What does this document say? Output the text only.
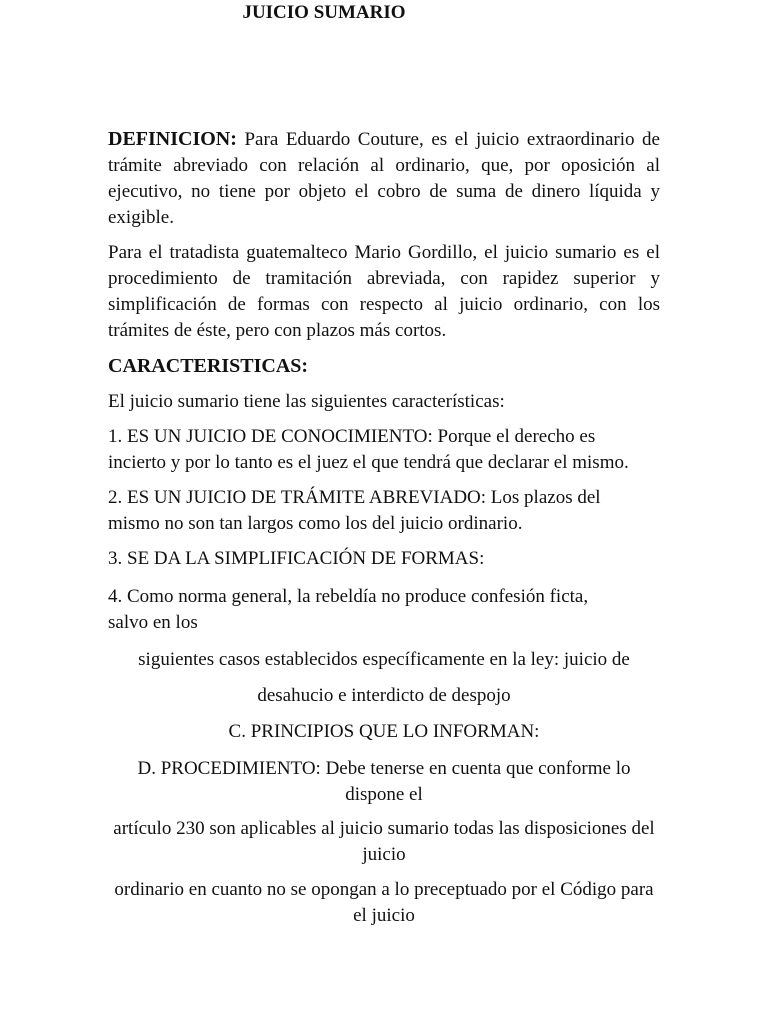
JUICIO SUMARIO

DEFINICION: Para Eduardo Couture, es el juicio extraordinario de trámite abreviado con relación al ordinario, que, por oposición al ejecutivo, no tiene por objeto el cobro de suma de dinero líquida y exigible.

Para el tratadista guatemalteco Mario Gordillo, el juicio sumario es el procedimiento de tramitación abreviada, con rapidez superior y simplificación de formas con respecto al juicio ordinario, con los trámites de éste, pero con plazos más cortos.

CARACTERISTICAS:

El juicio sumario tiene las siguientes características:

1. ES UN JUICIO DE CONOCIMIENTO: Porque el derecho es incierto y por lo tanto es el juez el que tendrá que declarar el mismo.

2. ES UN JUICIO DE TRÁMITE ABREVIADO: Los plazos del mismo no son tan largos como los del juicio ordinario.

3. SE DA LA SIMPLIFICACIÓN DE FORMAS:

4. Como norma general, la rebeldía no produce confesión ficta, salvo en los

siguientes casos establecidos específicamente en la ley: juicio de

desahucio e interdicto de despojo

C. PRINCIPIOS QUE LO INFORMAN:

D. PROCEDIMIENTO: Debe tenerse en cuenta que conforme lo dispone el

artículo 230 son aplicables al juicio sumario todas las disposiciones del juicio

ordinario en cuanto no se opongan a lo preceptuado por el Código para el juicio
